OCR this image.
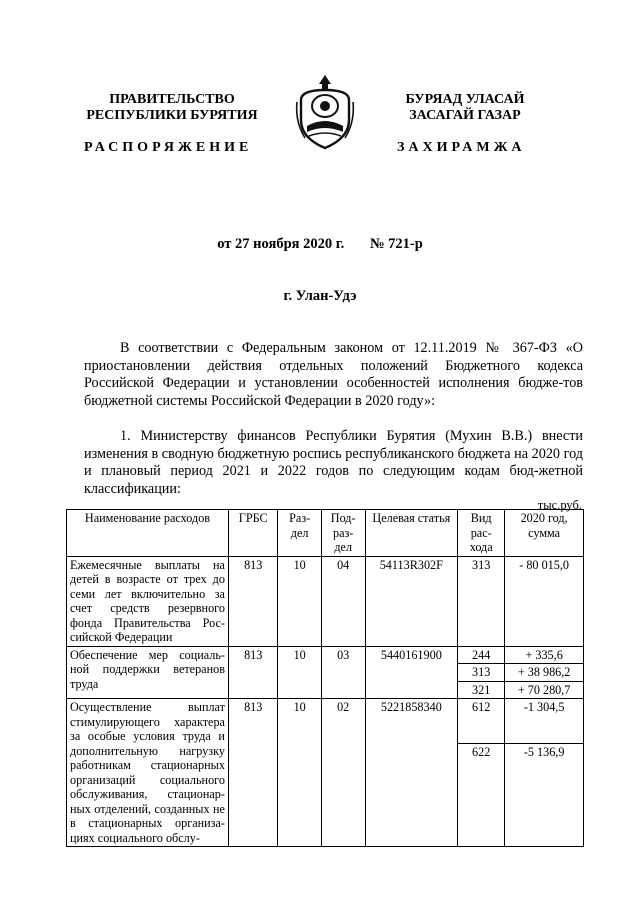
ПРАВИТЕЛЬСТВО
РЕСПУБЛИКИ БУРЯТИЯ
БУРЯАД УЛАСАЙ
ЗАСАГАЙ ГАЗАР
РАСПОРЯЖЕНИЕ	ЗАХИРАМЖА
от 27 ноября 2020 г. № 721-р
г. Улан-Удэ
В соответствии с Федеральным законом от 12.11.2019 № 367-ФЗ «О приостановлении действия отдельных положений Бюджетного кодекса Российской Федерации и установлении особенностей исполнения бюдже-тов бюджетной системы Российской Федерации в 2020 году»:
1. Министерству финансов Республики Бурятия (Мухин В.В.) внести изменения в сводную бюджетную роспись республиканского бюджета на 2020 год и плановый период 2021 и 2022 годов по следующим кодам бюд-жетной классификации:
тыс.руб.
Наименование расходов	ГРБС	Раз-дел	Под-раз-дел	Целевая статья	Вид рас-хода	2020 год, сумма
Ежемесячные выплаты на детей в возрасте от трех до семи лет включительно за счет средств резервного фонда Правительства Рос-сийской Федерации	813	10	04	54113R302F	313	- 80 015,0
Обеспечение мер социаль-ной поддержки ветеранов труда	813	10	03	5440161900	244	+ 335,6
					313	+ 38 986,2
					321	+ 70 280,7
Осуществление выплат стимулирующего характера за особые условия труда и дополнительную нагрузку работникам стационарных организаций социального обслуживания, стационар-ных отделений, созданных не в стационарных организа-циях социального обслу-	813	10	02	5221858340	612	-1 304,5
					622	-5 136,9
